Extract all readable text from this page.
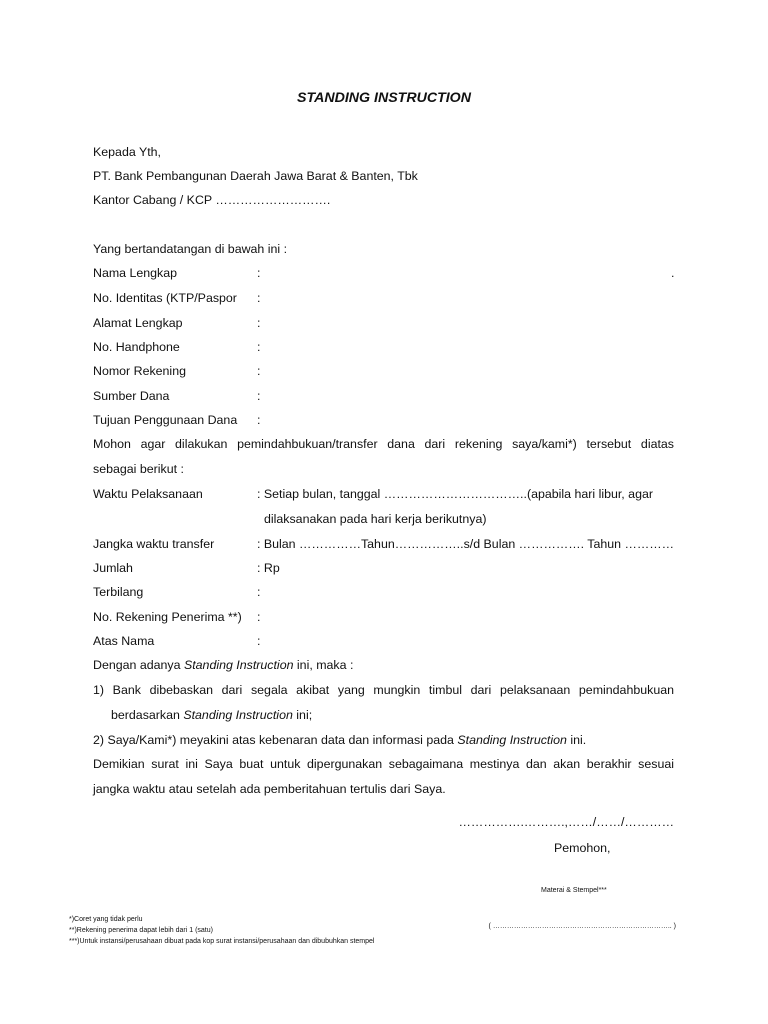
STANDING INSTRUCTION
Kepada Yth,
PT. Bank Pembangunan Daerah Jawa Barat & Banten, Tbk
Kantor Cabang / KCP ……………………….
Yang bertandatangan di bawah ini :
Nama Lengkap	:	.
No. Identitas (KTP/Paspor :
Alamat Lengkap	:
No. Handphone	:
Nomor Rekening	:
Sumber Dana	:
Tujuan Penggunaan Dana :
Mohon agar dilakukan pemindahbukuan/transfer dana dari rekening saya/kami*) tersebut diatas
sebagai berikut :
Waktu Pelaksanaan	: Setiap bulan, tanggal ……………………………..(apabila hari libur, agar
dilaksanakan pada hari kerja berikutnya)
Jangka waktu transfer	: Bulan ……………Tahun……………..s/d Bulan ……………. Tahun …………
Jumlah	: Rp
Terbilang	:
No. Rekening Penerima **) :
Atas Nama	:
Dengan adanya Standing Instruction ini, maka :
1) Bank dibebaskan dari segala akibat yang mungkin timbul dari pelaksanaan pemindahbukuan
berdasarkan Standing Instruction ini;
2) Saya/Kami*) meyakini atas kebenaran data dan informasi pada Standing Instruction ini.
Demikian surat ini Saya buat untuk dipergunakan sebagaimana mestinya dan akan berakhir sesuai
jangka waktu atau setelah ada pemberitahuan tertulis dari Saya.
…………….……….,……/……/…………
Pemohon,
Materai & Stempel***
( ………………………………………………………………….. )
*)Coret yang tidak perlu
**)Rekening penerima dapat lebih dari 1 (satu)
***)Untuk instansi/perusahaan dibuat pada kop surat instansi/perusahaan dan dibubuhkan stempel
